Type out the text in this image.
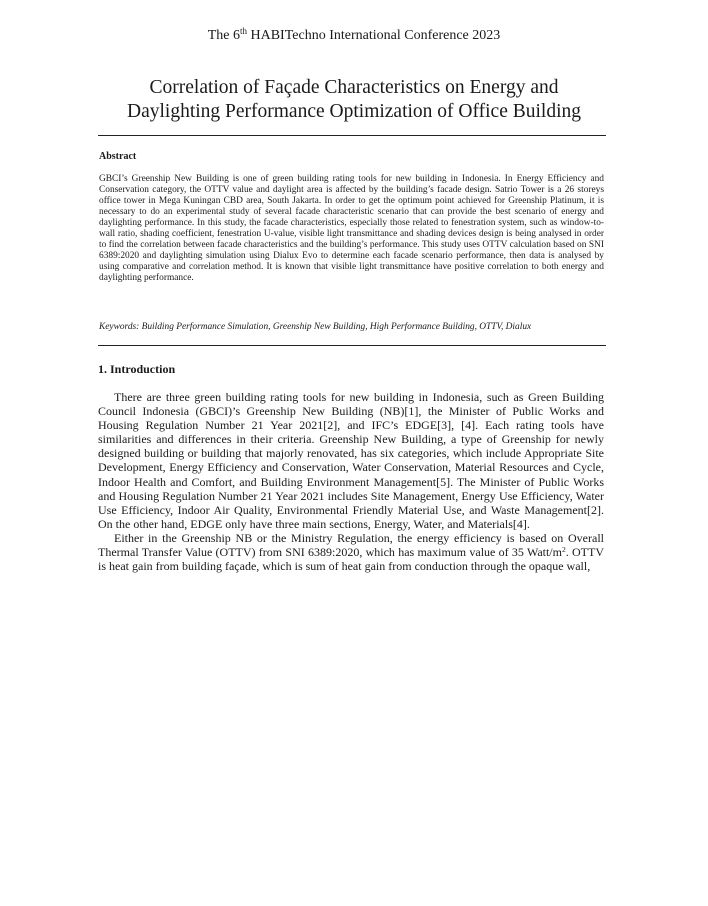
The 6th HABITechno International Conference 2023
Correlation of Façade Characteristics on Energy and
Daylighting Performance Optimization of Office Building
Abstract
GBCI’s Greenship New Building is one of green building rating tools for new building in Indonesia. In Energy Efficiency and Conservation category, the OTTV value and daylight area is affected by the building’s facade design. Satrio Tower is a 26 storeys office tower in Mega Kuningan CBD area, South Jakarta. In order to get the optimum point achieved for Greenship Platinum, it is necessary to do an experimental study of several facade characteristic scenario that can provide the best scenario of energy and daylighting performance. In this study, the facade characteristics, especially those related to fenestration system, such as window-to-wall ratio, shading coefficient, fenestration U-value, visible light transmittance and shading devices design is being analysed in order to find the correlation between facade characteristics and the building’s performance. This study uses OTTV calculation based on SNI 6389:2020 and daylighting simulation using Dialux Evo to determine each facade scenario performance, then data is analysed by using comparative and correlation method. It is known that visible light transmittance have positive correlation to both energy and daylighting performance.
Keywords: Building Performance Simulation, Greenship New Building, High Performance Building, OTTV, Dialux
1. Introduction

There are three green building rating tools for new building in Indonesia, such as Green Building Council Indonesia (GBCI)’s Greenship New Building (NB)[1], the Minister of Public Works and Housing Regulation Number 21 Year 2021[2], and IFC’s EDGE[3], [4]. Each rating tools have similarities and differences in their criteria. Greenship New Building, a type of Greenship for newly designed building or building that majorly renovated, has six categories, which include Appropriate Site Development, Energy Efficiency and Conservation, Water Conservation, Material Resources and Cycle, Indoor Health and Comfort, and Building Environment Management[5]. The Minister of Public Works and Housing Regulation Number 21 Year 2021 includes Site Management, Energy Use Efficiency, Water Use Efficiency, Indoor Air Quality, Environmental Friendly Material Use, and Waste Management[2]. On the other hand, EDGE only have three main sections, Energy, Water, and Materials[4].

Either in the Greenship NB or the Ministry Regulation, the energy efficiency is based on Overall Thermal Transfer Value (OTTV) from SNI 6389:2020, which has maximum value of 35 Watt/$m^2$. OTTV is heat gain from building façade, which is sum of heat gain from conduction through the opaque wall,
